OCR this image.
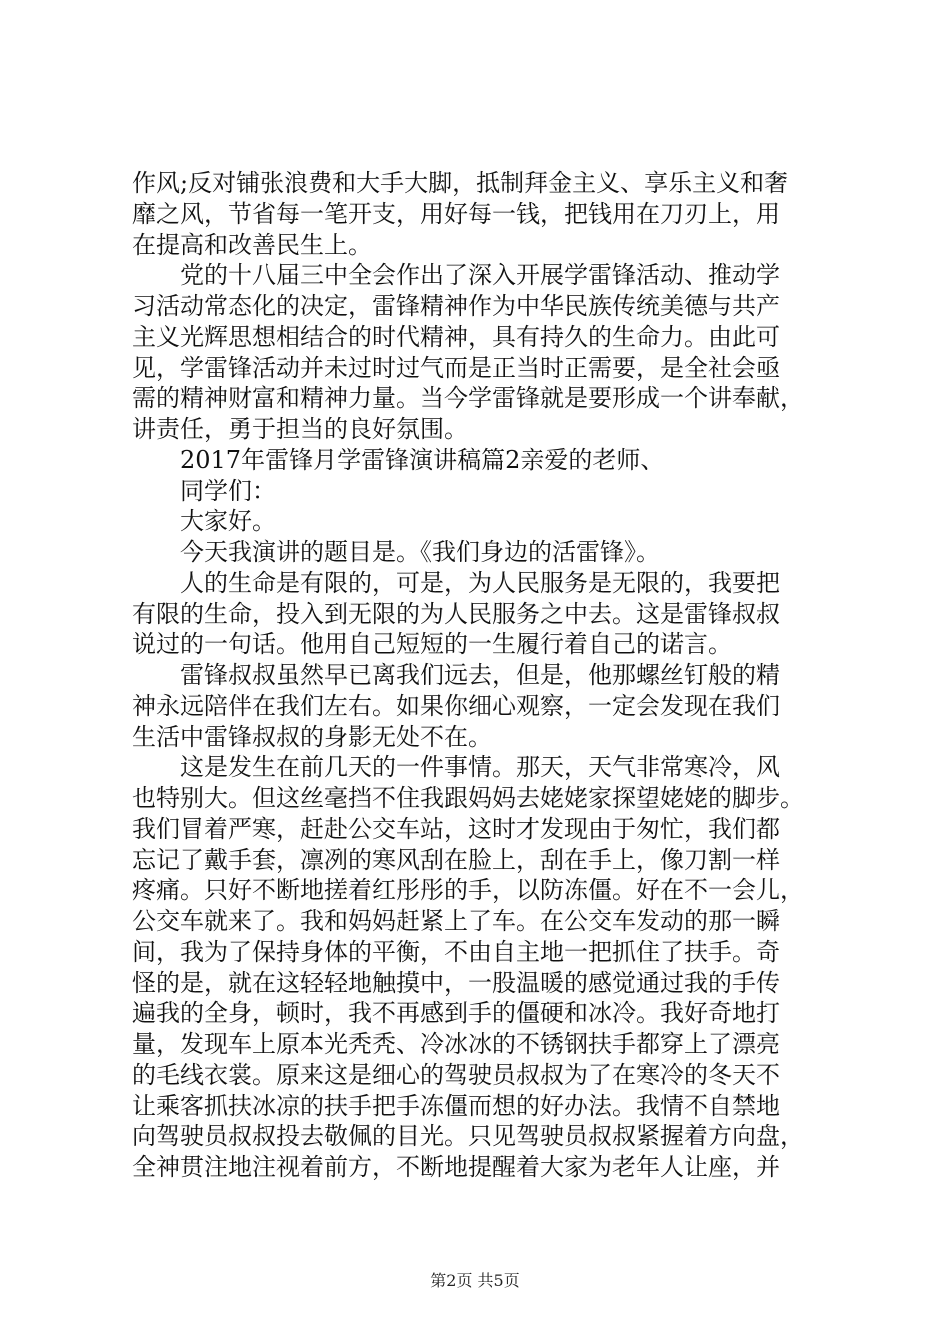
作风;反对铺张浪费和大手大脚，抵制拜金主义、享乐主义和奢
靡之风，节省每一笔开支，用好每一钱，把钱用在刀刃上，用
在提高和改善民生上。
党的十八届三中全会作出了深入开展学雷锋活动、推动学
习活动常态化的决定，雷锋精神作为中华民族传统美德与共产
主义光辉思想相结合的时代精神，具有持久的生命力。由此可
见，学雷锋活动并未过时过气而是正当时正需要，是全社会亟
需的精神财富和精神力量。当今学雷锋就是要形成一个讲奉献，
讲责任，勇于担当的良好氛围。
2017年雷锋月学雷锋演讲稿篇2亲爱的老师、
同学们：
大家好。
今天我演讲的题目是。《我们身边的活雷锋》。
人的生命是有限的，可是，为人民服务是无限的，我要把
有限的生命，投入到无限的为人民服务之中去。这是雷锋叔叔
说过的一句话。他用自己短短的一生履行着自己的诺言。
雷锋叔叔虽然早已离我们远去，但是，他那螺丝钉般的精
神永远陪伴在我们左右。如果你细心观察，一定会发现在我们
生活中雷锋叔叔的身影无处不在。
这是发生在前几天的一件事情。那天，天气非常寒冷，风
也特别大。但这丝毫挡不住我跟妈妈去姥姥家探望姥姥的脚步。
我们冒着严寒，赶赴公交车站，这时才发现由于匆忙，我们都
忘记了戴手套，凛冽的寒风刮在脸上，刮在手上，像刀割一样
疼痛。只好不断地搓着红彤彤的手，以防冻僵。好在不一会儿，
公交车就来了。我和妈妈赶紧上了车。在公交车发动的那一瞬
间，我为了保持身体的平衡，不由自主地一把抓住了扶手。奇
怪的是，就在这轻轻地触摸中，一股温暖的感觉通过我的手传
遍我的全身，顿时，我不再感到手的僵硬和冰冷。我好奇地打
量，发现车上原本光秃秃、冷冰冰的不锈钢扶手都穿上了漂亮
的毛线衣裳。原来这是细心的驾驶员叔叔为了在寒冷的冬天不
让乘客抓扶冰凉的扶手把手冻僵而想的好办法。我情不自禁地
向驾驶员叔叔投去敬佩的目光。只见驾驶员叔叔紧握着方向盘，
全神贯注地注视着前方，不断地提醒着大家为老年人让座，并
第2页 共5页
